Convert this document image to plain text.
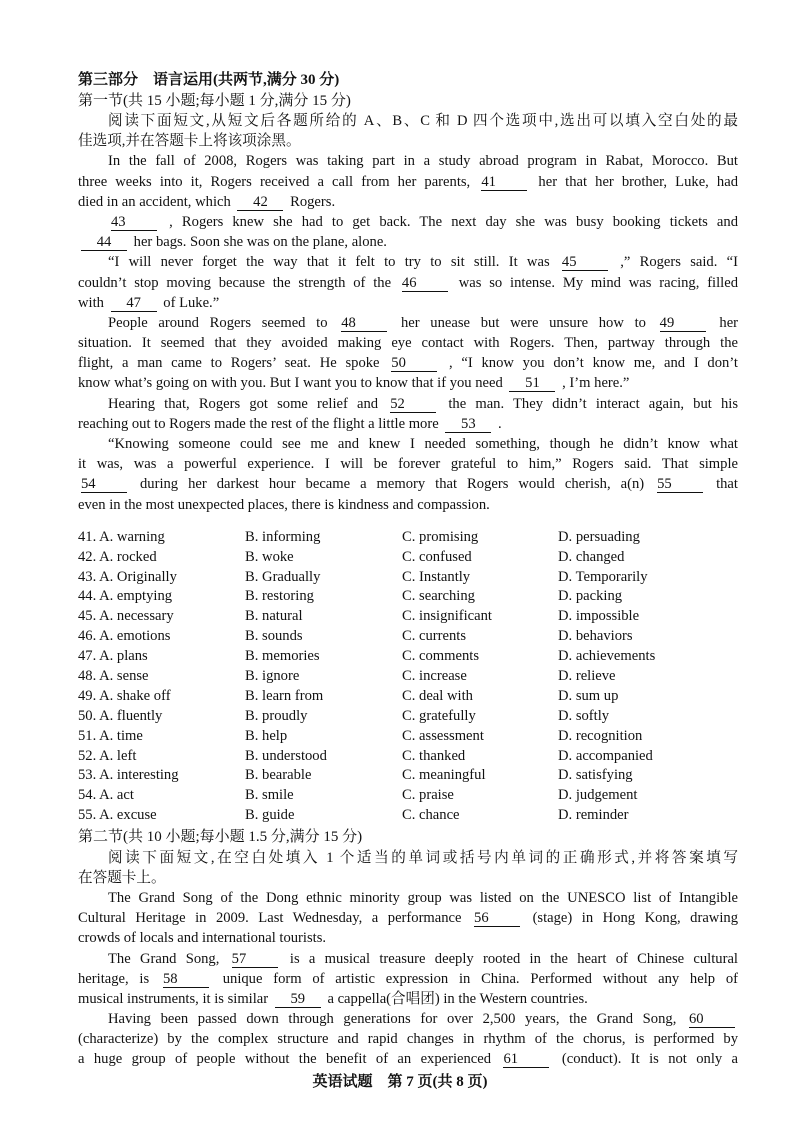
第三部分　语言运用(共两节,满分 30 分)
第一节(共 15 小题;每小题 1 分,满分 15 分)
阅读下面短文,从短文后各题所给的 A、B、C 和 D 四个选项中,选出可以填入空白处的最
佳选项,并在答题卡上将该项涂黑。
In the fall of 2008, Rogers was taking part in a study abroad program in Rabat, Morocco. But
three weeks into it, Rogers received a call from her parents, 41	her that her brother, Luke, had
died in an accident, which 42 Rogers.
43	, Rogers knew she had to get back. The next day she was busy booking tickets and
44 her bags. Soon she was on the plane, alone.
“I will never forget the way that it felt to try to sit still. It was 45	,” Rogers said. “I
couldn’t stop moving because the strength of the 46	was so intense. My mind was racing, filled
with 47 of Luke.”
People around Rogers seemed to 48	her unease but were unsure how to 49	her
situation. It seemed that they avoided making eye contact with Rogers. Then, partway through the
flight, a man came to Rogers’ seat. He spoke 50	, “I know you don’t know me, and I don’t
know what’s going on with you. But I want you to know that if you need 51 , I’m here.”
Hearing that, Rogers got some relief and 52	the man. They didn’t interact again, but his
reaching out to Rogers made the rest of the flight a little more 53 .
“Knowing someone could see me and knew I needed something, though he didn’t know what
it was, was a powerful experience. I will be forever grateful to him,” Rogers said. That simple
54	during her darkest hour became a memory that Rogers would cherish, a(n) 55	that
even in the most unexpected places, there is kindness and compassion.
41. A. warning	B. informing	C. promising	D. persuading
42. A. rocked	B. woke	C. confused	D. changed
43. A. Originally	B. Gradually	C. Instantly	D. Temporarily
44. A. emptying	B. restoring	C. searching	D. packing
45. A. necessary	B. natural	C. insignificant	D. impossible
46. A. emotions	B. sounds	C. currents	D. behaviors
47. A. plans	B. memories	C. comments	D. achievements
48. A. sense	B. ignore	C. increase	D. relieve
49. A. shake off	B. learn from	C. deal with	D. sum up
50. A. fluently	B. proudly	C. gratefully	D. softly
51. A. time	B. help	C. assessment	D. recognition
52. A. left	B. understood	C. thanked	D. accompanied
53. A. interesting	B. bearable	C. meaningful	D. satisfying
54. A. act	B. smile	C. praise	D. judgement
55. A. excuse	B. guide	C. chance	D. reminder
第二节(共 10 小题;每小题 1.5 分,满分 15 分)
阅读下面短文,在空白处填入 1 个适当的单词或括号内单词的正确形式,并将答案填写
在答题卡上。
The Grand Song of the Dong ethnic minority group was listed on the UNESCO list of Intangible
Cultural Heritage in 2009. Last Wednesday, a performance 56	(stage) in Hong Kong, drawing
crowds of locals and international tourists.
The Grand Song, 57	is a musical treasure deeply rooted in the heart of Chinese cultural
heritage, is 58	unique form of artistic expression in China. Performed without any help of
musical instruments, it is similar 59 a cappella(合唱团) in the Western countries.
Having been passed down through generations for over 2,500 years, the Grand Song, 60
(characterize) by the complex structure and rapid changes in rhythm of the chorus, is performed by
a huge group of people without the benefit of an experienced 61	(conduct). It is not only a
英语试题　第 7 页(共 8 页)
